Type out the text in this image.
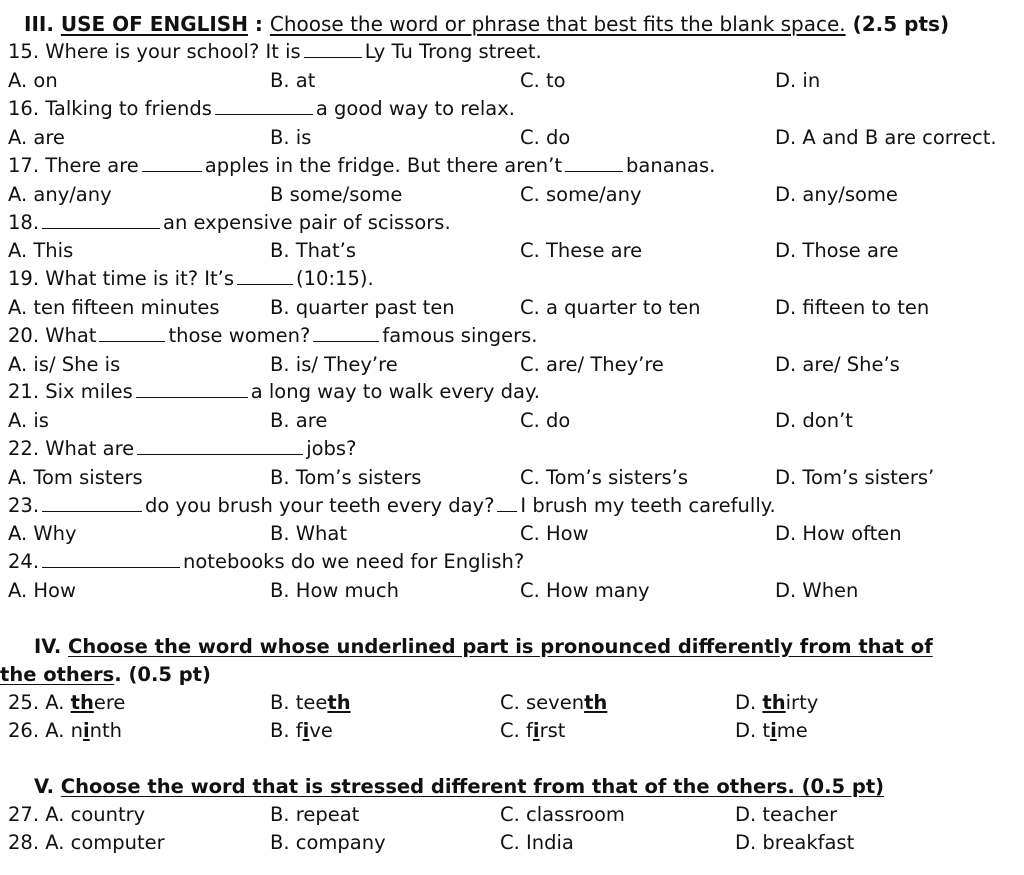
III. USE OF ENGLISH : Choose the word or phrase that best fits the blank space. (2.5 pts)
15. Where is your school? It is	Ly Tu Trong street.
A. on	B. at	C. to	D. in
16. Talking to friends	a good way to relax.
A. are	B. is	C. do	D. A and B are correct.
17. There are	apples in the fridge. But there aren’t	bananas.
A. any/any	B some/some	C. some/any	D. any/some
18.	an expensive pair of scissors.
A. This	B. That’s	C. These are	D. Those are
19. What time is it? It’s	(10:15).
A. ten fifteen minutes	B. quarter past ten	C. a quarter to ten	D. fifteen to ten
20. What	those women?	famous singers.
A. is/ She is	B. is/ They’re	C. are/ They’re	D. are/ She’s
21. Six miles	a long way to walk every day.
A. is	B. are	C. do	D. don’t
22. What are	jobs?
A. Tom sisters	B. Tom’s sisters	C. Tom’s sisters’s	D. Tom’s sisters’
23.	do you brush your teeth every day? I brush my teeth carefully.
A. Why	B. What	C. How	D. How often
24.	notebooks do we need for English?
A. How	B. How much	C. How many	D. When
IV. Choose the word whose underlined part is pronounced differently from that of
the others. (0.5 pt)
25. A. there	B. teeth	C. seventh	D. thirty
26. A. ninth	B. five	C. first	D. time
V. Choose the word that is stressed different from that of the others. (0.5 pt)
27. A. country	B. repeat	C. classroom	D. teacher
28. A. computer	B. company	C. India	D. breakfast
